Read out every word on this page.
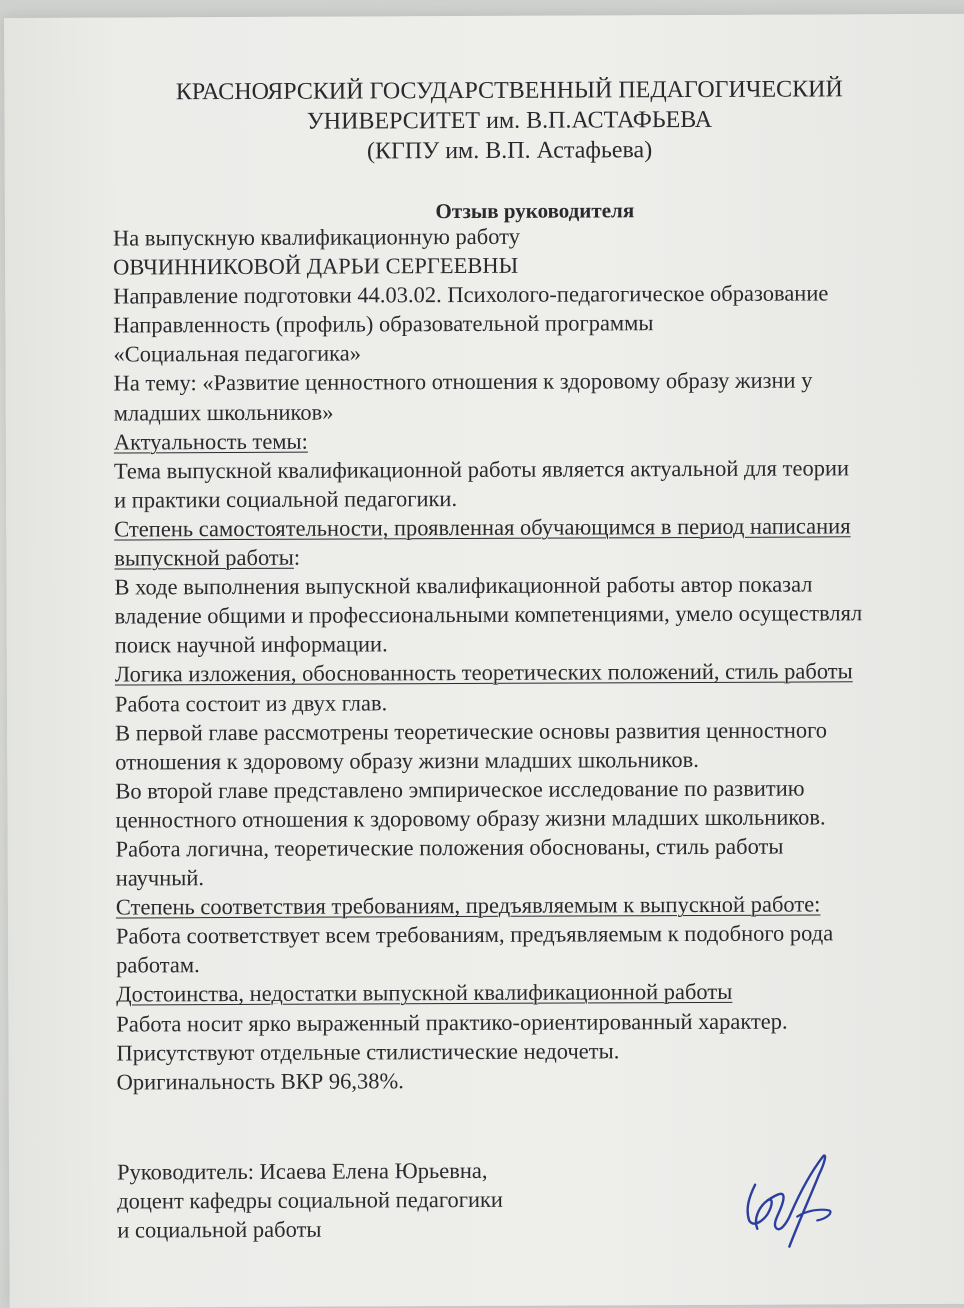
КРАСНОЯРСКИЙ ГОСУДАРСТВЕННЫЙ ПЕДАГОГИЧЕСКИЙ
УНИВЕРСИТЕТ им. В.П.АСТАФЬЕВА
(КГПУ им. В.П. Астафьева)
Отзыв руководителя
На выпускную квалификационную работу
ОВЧИННИКОВОЙ ДАРЬИ СЕРГЕЕВНЫ
Направление подготовки 44.03.02. Психолого-педагогическое образование
Направленность (профиль) образовательной программы
«Социальная педагогика»
На тему: «Развитие ценностного отношения к здоровому образу жизни у
младших школьников»
Актуальность темы:
Тема выпускной квалификационной работы является актуальной для теории
и практики социальной педагогики.
Степень самостоятельности, проявленная обучающимся в период написания
выпускной работы:
В ходе выполнения выпускной квалификационной работы автор показал
владение общими и профессиональными компетенциями, умело осуществлял
поиск научной информации.
Логика изложения, обоснованность теоретических положений, стиль работы
Работа состоит из двух глав.
В первой главе рассмотрены теоретические основы развития ценностного
отношения к здоровому образу жизни младших школьников.
Во второй главе представлено эмпирическое исследование по развитию
ценностного отношения к здоровому образу жизни младших школьников.
Работа логична, теоретические положения обоснованы, стиль работы
научный.
Степень соответствия требованиям, предъявляемым к выпускной работе:
Работа соответствует всем требованиям, предъявляемым к подобного рода
работам.
Достоинства, недостатки выпускной квалификационной работы
Работа носит ярко выраженный практико-ориентированный характер.
Присутствуют отдельные стилистические недочеты.
Оригинальность ВКР 96,38%.
Руководитель: Исаева Елена Юрьевна,
доцент кафедры социальной педагогики
и социальной работы
